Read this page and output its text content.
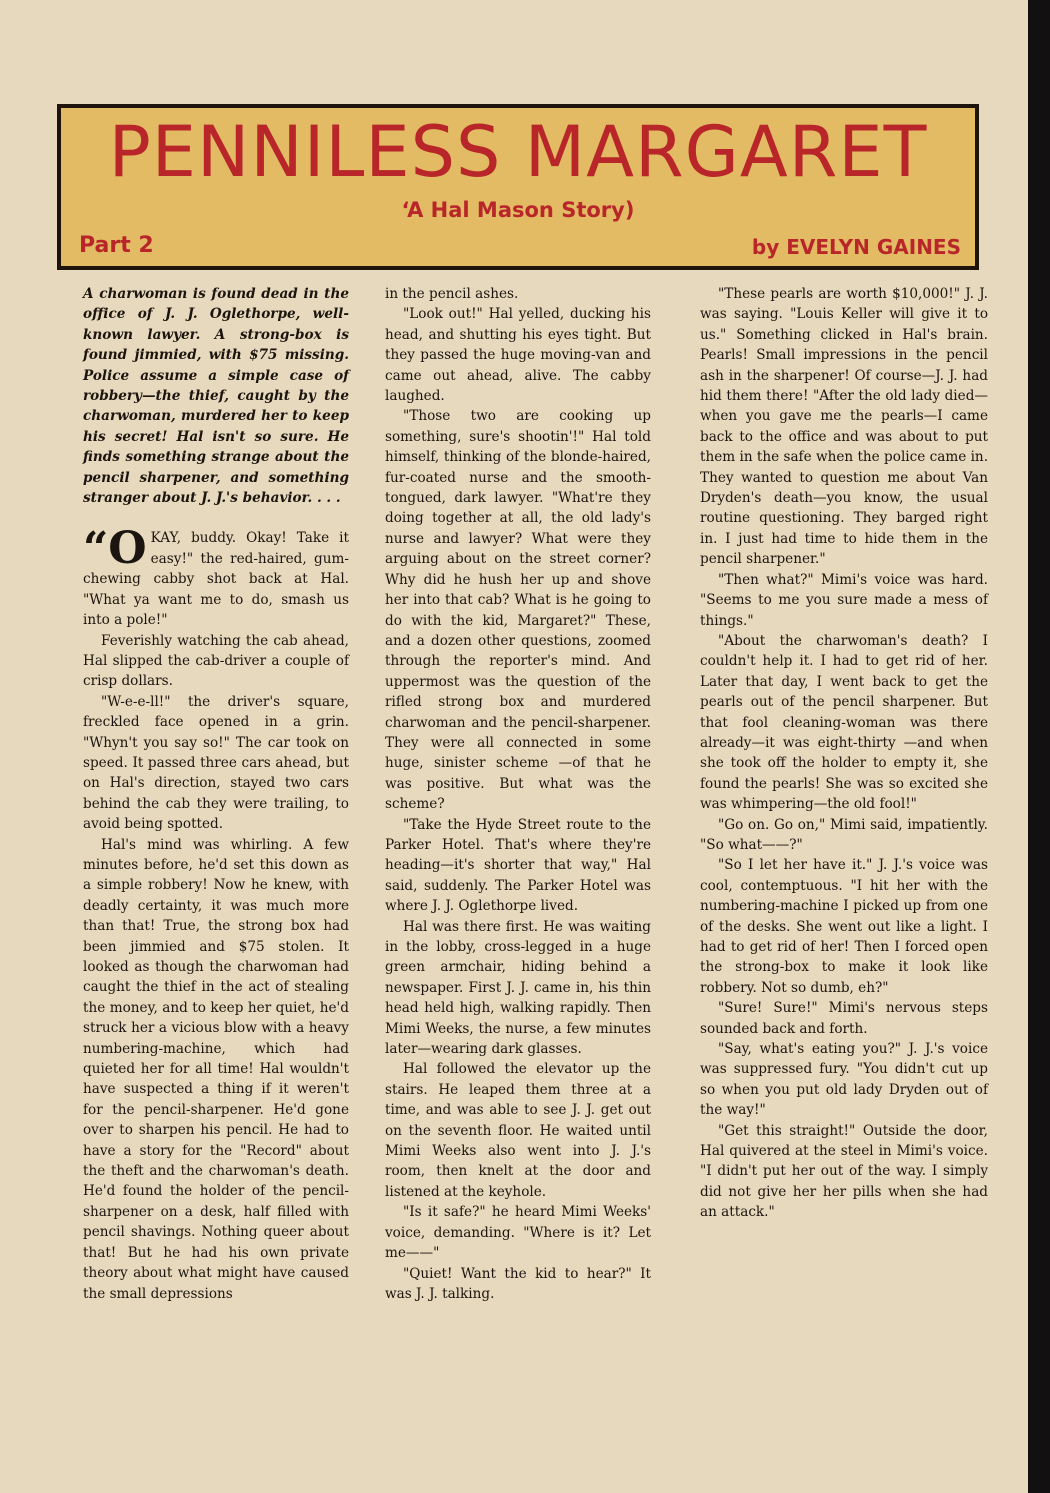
PENNILESS MARGARET
‘A Hal Mason Story)
Part 2	by EVELYN GAINES

A charwoman is found dead in the office of J. J. Oglethorpe, well-known lawyer. A strong-box is found jimmied, with $75 missing. Police assume a simple case of robbery—the thief, caught by the charwoman, murdered her to keep his secret! Hal isn't so sure. He finds something strange about the pencil sharpener, and something stranger about J. J.'s behavior. . . .

“OKAY, buddy. Okay! Take it easy!" the red-haired, gum-chewing cabby shot back at Hal. "What ya want me to do, smash us into a pole!"

Feverishly watching the cab ahead, Hal slipped the cab-driver a couple of crisp dollars.

"W-e-e-ll!" the driver's square, freckled face opened in a grin. "Whyn't you say so!" The car took on speed. It passed three cars ahead, but on Hal's direction, stayed two cars behind the cab they were trailing, to avoid being spotted.

Hal's mind was whirling. A few minutes before, he'd set this down as a simple robbery! Now he knew, with deadly certainty, it was much more than that! True, the strong box had been jimmied and $75 stolen. It looked as though the charwoman had caught the thief in the act of stealing the money, and to keep her quiet, he'd struck her a vicious blow with a heavy numbering-machine, which had quieted her for all time! Hal wouldn't have suspected a thing if it weren't for the pencil-sharpener. He'd gone over to sharpen his pencil. He had to have a story for the "Record" about the theft and the charwoman's death. He'd found the holder of the pencil-sharpener on a desk, half filled with pencil shavings. Nothing queer about that! But he had his own private theory about what might have caused the small depressions

in the pencil ashes.

"Look out!" Hal yelled, ducking his head, and shutting his eyes tight. But they passed the huge moving-van and came out ahead, alive. The cabby laughed.

"Those two are cooking up something, sure's shootin'!" Hal told himself, thinking of the blonde-haired, fur-coated nurse and the smooth-tongued, dark lawyer. "What're they doing together at all, the old lady's nurse and lawyer? What were they arguing about on the street corner? Why did he hush her up and shove her into that cab? What is he going to do with the kid, Margaret?" These, and a dozen other questions, zoomed through the reporter's mind. And uppermost was the question of the rifled strong box and murdered charwoman and the pencil-sharpener. They were all connected in some huge, sinister scheme —of that he was positive. But what was the scheme?

"Take the Hyde Street route to the Parker Hotel. That's where they're heading—it's shorter that way," Hal said, suddenly. The Parker Hotel was where J. J. Oglethorpe lived.

Hal was there first. He was waiting in the lobby, cross-legged in a huge green armchair, hiding behind a newspaper. First J. J. came in, his thin head held high, walking rapidly. Then Mimi Weeks, the nurse, a few minutes later—wearing dark glasses.

Hal followed the elevator up the stairs. He leaped them three at a time, and was able to see J. J. get out on the seventh floor. He waited until Mimi Weeks also went into J. J.'s room, then knelt at the door and listened at the keyhole.

"Is it safe?" he heard Mimi Weeks' voice, demanding. "Where is it? Let me——"

"Quiet! Want the kid to hear?" It was J. J. talking.

"These pearls are worth $10,000!" J. J. was saying. "Louis Keller will give it to us." Something clicked in Hal's brain. Pearls! Small impressions in the pencil ash in the sharpener! Of course—J. J. had hid them there! "After the old lady died—when you gave me the pearls—I came back to the office and was about to put them in the safe when the police came in. They wanted to question me about Van Dryden's death—you know, the usual routine questioning. They barged right in. I just had time to hide them in the pencil sharpener."

"Then what?" Mimi's voice was hard. "Seems to me you sure made a mess of things."

"About the charwoman's death? I couldn't help it. I had to get rid of her. Later that day, I went back to get the pearls out of the pencil sharpener. But that fool cleaning-woman was there already—it was eight-thirty —and when she took off the holder to empty it, she found the pearls! She was so excited she was whimpering—the old fool!"

"Go on. Go on," Mimi said, impatiently. "So what——?"

"So I let her have it." J. J.'s voice was cool, contemptuous. "I hit her with the numbering-machine I picked up from one of the desks. She went out like a light. I had to get rid of her! Then I forced open the strong-box to make it look like robbery. Not so dumb, eh?"

"Sure! Sure!" Mimi's nervous steps sounded back and forth.

"Say, what's eating you?" J. J.'s voice was suppressed fury. "You didn't cut up so when you put old lady Dryden out of the way!"

"Get this straight!" Outside the door, Hal quivered at the steel in Mimi's voice. "I didn't put her out of the way. I simply did not give her her pills when she had an attack."
